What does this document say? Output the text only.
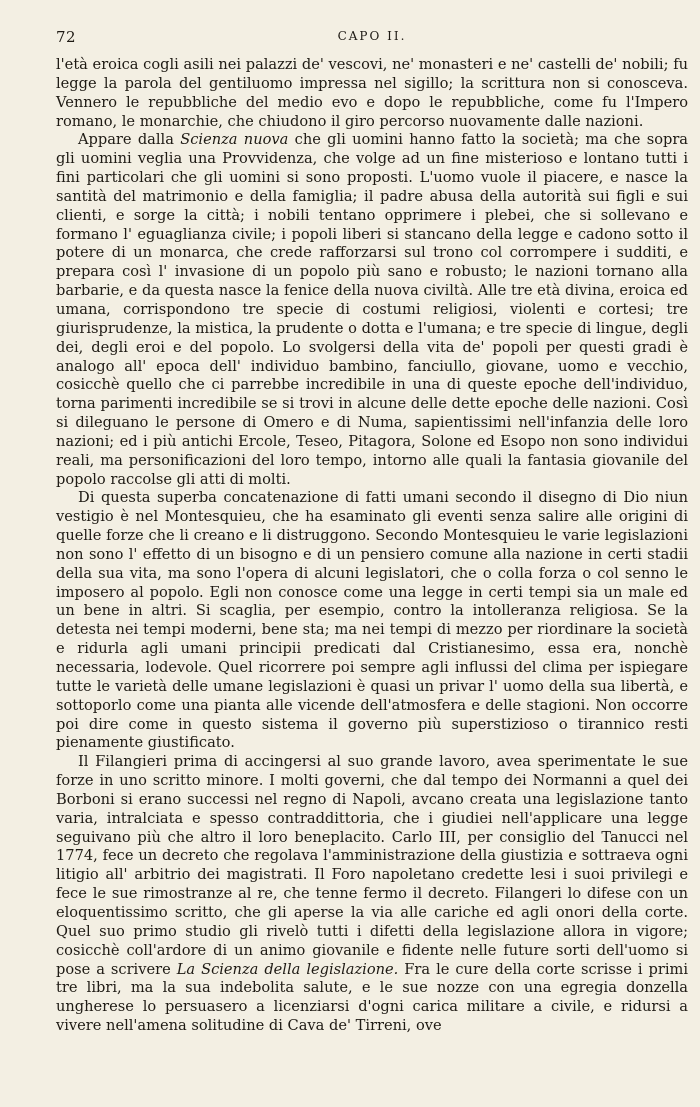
72	CAPO II.

l'età eroica cogli asili nei palazzi de' vescovi, ne' monasteri e ne' castelli de' nobili; fu legge la parola del gentiluomo impressa nel sigillo; la scrittura non si conosceva. Vennero le repubbliche del medio evo e dopo le repubbliche, come fu l'Impero romano, le monarchie, che chiudono il giro percorso nuovamente dalle nazioni.

Appare dalla Scienza nuova che gli uomini hanno fatto la società; ma che sopra gli uomini veglia una Provvidenza, che volge ad un fine misterioso e lontano tutti i fini particolari che gli uomini si sono proposti. L'uomo vuole il piacere, e nasce la santità del matrimonio e della famiglia; il padre abusa della autorità sui figli e sui clienti, e sorge la città; i nobili tentano opprimere i plebei, che si sollevano e formano l' eguaglianza civile; i popoli liberi si stancano della legge e cadono sotto il potere di un monarca, che crede rafforzarsi sul trono col corrompere i sudditi, e prepara così l' invasione di un popolo più sano e robusto; le nazioni tornano alla barbarie, e da questa nasce la fenice della nuova civiltà. Alle tre età divina, eroica ed umana, corrispondono tre specie di costumi religiosi, violenti e cortesi; tre giurisprudenze, la mistica, la prudente o dotta e l'umana; e tre specie di lingue, degli dei, degli eroi e del popolo. Lo svolgersi della vita de' popoli per questi gradi è analogo all' epoca dell' individuo bambino, fanciullo, giovane, uomo e vecchio, cosicchè quello che ci parrebbe incredibile in una di queste epoche dell'individuo, torna parimenti incredibile se si trovi in alcune delle dette epoche delle nazioni. Così si dileguano le persone di Omero e di Numa, sapientissimi nell'infanzia delle loro nazioni; ed i più antichi Ercole, Teseo, Pitagora, Solone ed Esopo non sono individui reali, ma personificazioni del loro tempo, intorno alle quali la fantasia giovanile del popolo raccolse gli atti di molti.

Di questa superba concatenazione di fatti umani secondo il disegno di Dio niun vestigio è nel Montesquieu, che ha esaminato gli eventi senza salire alle origini di quelle forze che li creano e li distruggono. Secondo Montesquieu le varie legislazioni non sono l' effetto di un bisogno e di un pensiero comune alla nazione in certi stadii della sua vita, ma sono l'opera di alcuni legislatori, che o colla forza o col senno le imposero al popolo. Egli non conosce come una legge in certi tempi sia un male ed un bene in altri. Si scaglia, per esempio, contro la intolleranza religiosa. Se la detesta nei tempi moderni, bene sta; ma nei tempi di mezzo per riordinare la società e ridurla agli umani principii predicati dal Cristianesimo, essa era, nonchè necessaria, lodevole. Quel ricorrere poi sempre agli influssi del clima per ispiegare tutte le varietà delle umane legislazioni è quasi un privar l' uomo della sua libertà, e sottoporlo come una pianta alle vicende dell'atmosfera e delle stagioni. Non occorre poi dire come in questo sistema il governo più superstizioso o tirannico resti pienamente giustificato.

Il Filangieri prima di accingersi al suo grande lavoro, avea sperimentate le sue forze in uno scritto minore. I molti governi, che dal tempo dei Normanni a quel dei Borboni si erano successi nel regno di Napoli, avcano creata una legislazione tanto varia, intralciata e spesso contraddittoria, che i giudiei nell'applicare una legge seguivano più che altro il loro beneplacito. Carlo III, per consiglio del Tanucci nel 1774, fece un decreto che regolava l'amministrazione della giustizia e sottraeva ogni litigio all' arbitrio dei magistrati. Il Foro napoletano credette lesi i suoi privilegi e fece le sue rimostranze al re, che tenne fermo il decreto. Filangeri lo difese con un eloquentissimo scritto, che gli aperse la via alle cariche ed agli onori della corte. Quel suo primo studio gli rivelò tutti i difetti della legislazione allora in vigore; cosicchè coll'ardore di un animo giovanile e fidente nelle future sorti dell'uomo si pose a scrivere La Scienza della legislazione. Fra le cure della corte scrisse i primi tre libri, ma la sua indebolita salute, e le sue nozze con una egregia donzella ungherese lo persuasero a licenziarsi d'ogni carica militare a civile, e ridursi a vivere nell'amena solitudine di Cava de' Tirreni, ove
